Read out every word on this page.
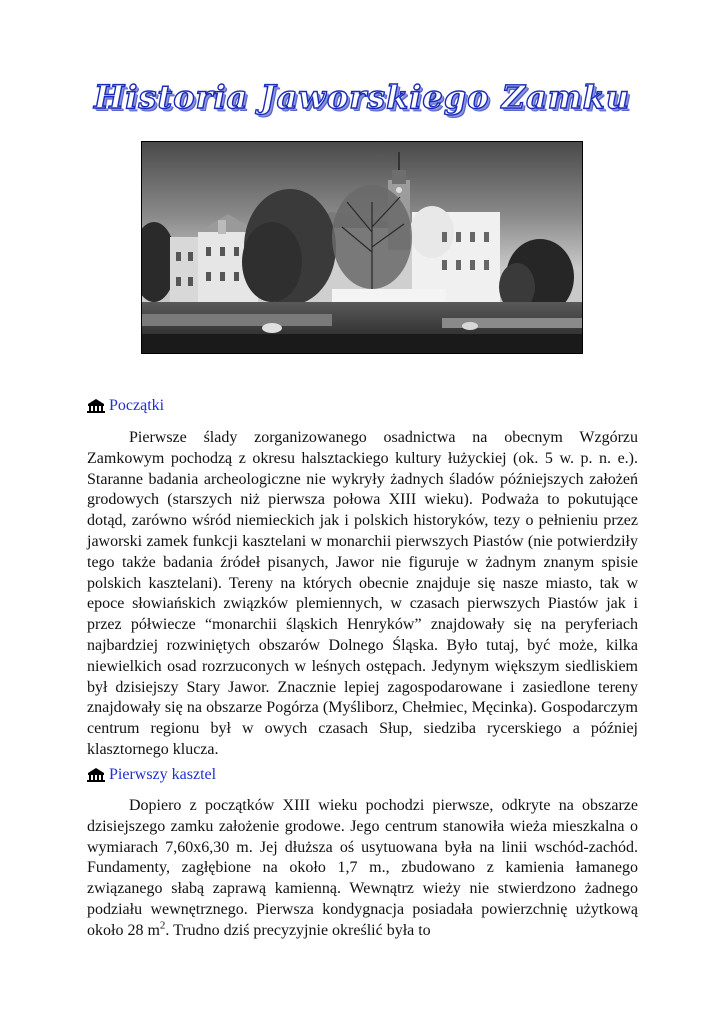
Historia Jaworskiego Zamku
Początki

Pierwsze ślady zorganizowanego osadnictwa na obecnym Wzgórzu Zamkowym pochodzą z okresu halsztackiego kultury łużyckiej (ok. 5 w. p. n. e.). Staranne badania archeologiczne nie wykryły żadnych śladów późniejszych założeń grodowych (starszych niż pierwsza połowa XIII wieku). Podważa to pokutujące dotąd, zarówno wśród niemieckich jak i polskich historyków, tezy o pełnieniu przez jaworski zamek funkcji kasztelani w monarchii pierwszych Piastów (nie potwierdziły tego także badania źródeł pisanych, Jawor nie figuruje w żadnym znanym spisie polskich kasztelani). Tereny na których obecnie znajduje się nasze miasto, tak w epoce słowiańskich związków plemiennych, w czasach pierwszych Piastów jak i przez półwiecze “monarchii śląskich Henryków” znajdowały się na peryferiach najbardziej rozwiniętych obszarów Dolnego Śląska. Było tutaj, być może, kilka niewielkich osad rozrzuconych w leśnych ostępach. Jedynym większym siedliskiem był dzisiejszy Stary Jawor. Znacznie lepiej zagospodarowane i zasiedlone tereny znajdowały się na obszarze Pogórza (Myśliborz, Chełmiec, Męcinka). Gospodarczym centrum regionu był w owych czasach Słup, siedziba rycerskiego a później klasztornego klucza.

Pierwszy kasztel

Dopiero z początków XIII wieku pochodzi pierwsze, odkryte na obszarze dzisiejszego zamku założenie grodowe. Jego centrum stanowiła wieża mieszkalna o wymiarach 7,60x6,30 m. Jej dłuższa oś usytuowana była na linii wschód-zachód. Fundamenty, zagłębione na około 1,7 m., zbudowano z kamienia łamanego związanego słabą zaprawą kamienną. Wewnątrz wieży nie stwierdzono żadnego podziału wewnętrznego. Pierwsza kondygnacja posiadała powierzchnię użytkową około 28 $m^2$. Trudno dziś precyzyjnie określić była to
